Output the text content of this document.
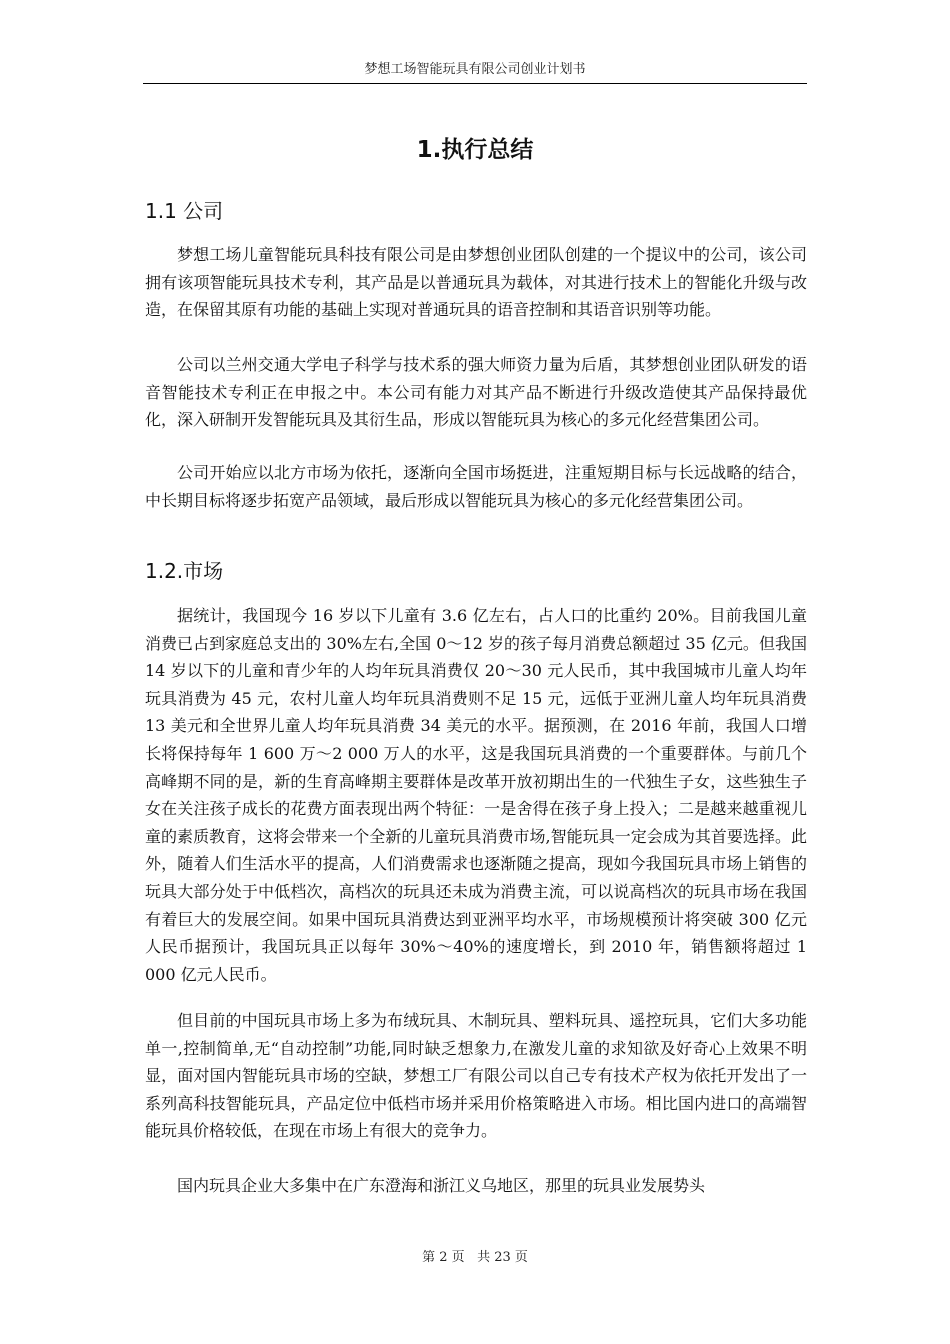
梦想工场智能玩具有限公司创业计划书
1.执行总结
1.1 公司

梦想工场儿童智能玩具科技有限公司是由梦想创业团队创建的一个提议中的公司，该公司拥有该项智能玩具技术专利，其产品是以普通玩具为载体，对其进行技术上的智能化升级与改造，在保留其原有功能的基础上实现对普通玩具的语音控制和其语音识别等功能。

公司以兰州交通大学电子科学与技术系的强大师资力量为后盾，其梦想创业团队研发的语音智能技术专利正在申报之中。本公司有能力对其产品不断进行升级改造使其产品保持最优化，深入研制开发智能玩具及其衍生品，形成以智能玩具为核心的多元化经营集团公司。

公司开始应以北方市场为依托，逐渐向全国市场挺进，注重短期目标与长远战略的结合，中长期目标将逐步拓宽产品领域，最后形成以智能玩具为核心的多元化经营集团公司。

1.2.市场

据统计，我国现今 16 岁以下儿童有 3.6 亿左右，占人口的比重约 20%。目前我国儿童消费已占到家庭总支出的 30%左右,全国 0～12 岁的孩子每月消费总额超过 35 亿元。但我国 14 岁以下的儿童和青少年的人均年玩具消费仅 20～30 元人民币，其中我国城市儿童人均年玩具消费为 45 元，农村儿童人均年玩具消费则不足 15 元，远低于亚洲儿童人均年玩具消费 13 美元和全世界儿童人均年玩具消费 34 美元的水平。据预测，在 2016 年前，我国人口增长将保持每年 1 600 万～2 000 万人的水平，这是我国玩具消费的一个重要群体。与前几个高峰期不同的是，新的生育高峰期主要群体是改革开放初期出生的一代独生子女，这些独生子女在关注孩子成长的花费方面表现出两个特征：一是舍得在孩子身上投入；二是越来越重视儿童的素质教育，这将会带来一个全新的儿童玩具消费市场,智能玩具一定会成为其首要选择。此外，随着人们生活水平的提高，人们消费需求也逐渐随之提高，现如今我国玩具市场上销售的玩具大部分处于中低档次，高档次的玩具还未成为消费主流，可以说高档次的玩具市场在我国有着巨大的发展空间。如果中国玩具消费达到亚洲平均水平，市场规模预计将突破 300 亿元人民币据预计，我国玩具正以每年 30%～40%的速度增长，到 2010 年，销售额将超过 1 000 亿元人民币。

但目前的中国玩具市场上多为布绒玩具、木制玩具、塑料玩具、遥控玩具，它们大多功能单一,控制简单,无“自动控制”功能,同时缺乏想象力,在激发儿童的求知欲及好奇心上效果不明显，面对国内智能玩具市场的空缺，梦想工厂有限公司以自己专有技术产权为依托开发出了一系列高科技智能玩具，产品定位中低档市场并采用价格策略进入市场。相比国内进口的高端智能玩具价格较低，在现在市场上有很大的竞争力。

国内玩具企业大多集中在广东澄海和浙江义乌地区，那里的玩具业发展势头

第 2 页 共 23 页
